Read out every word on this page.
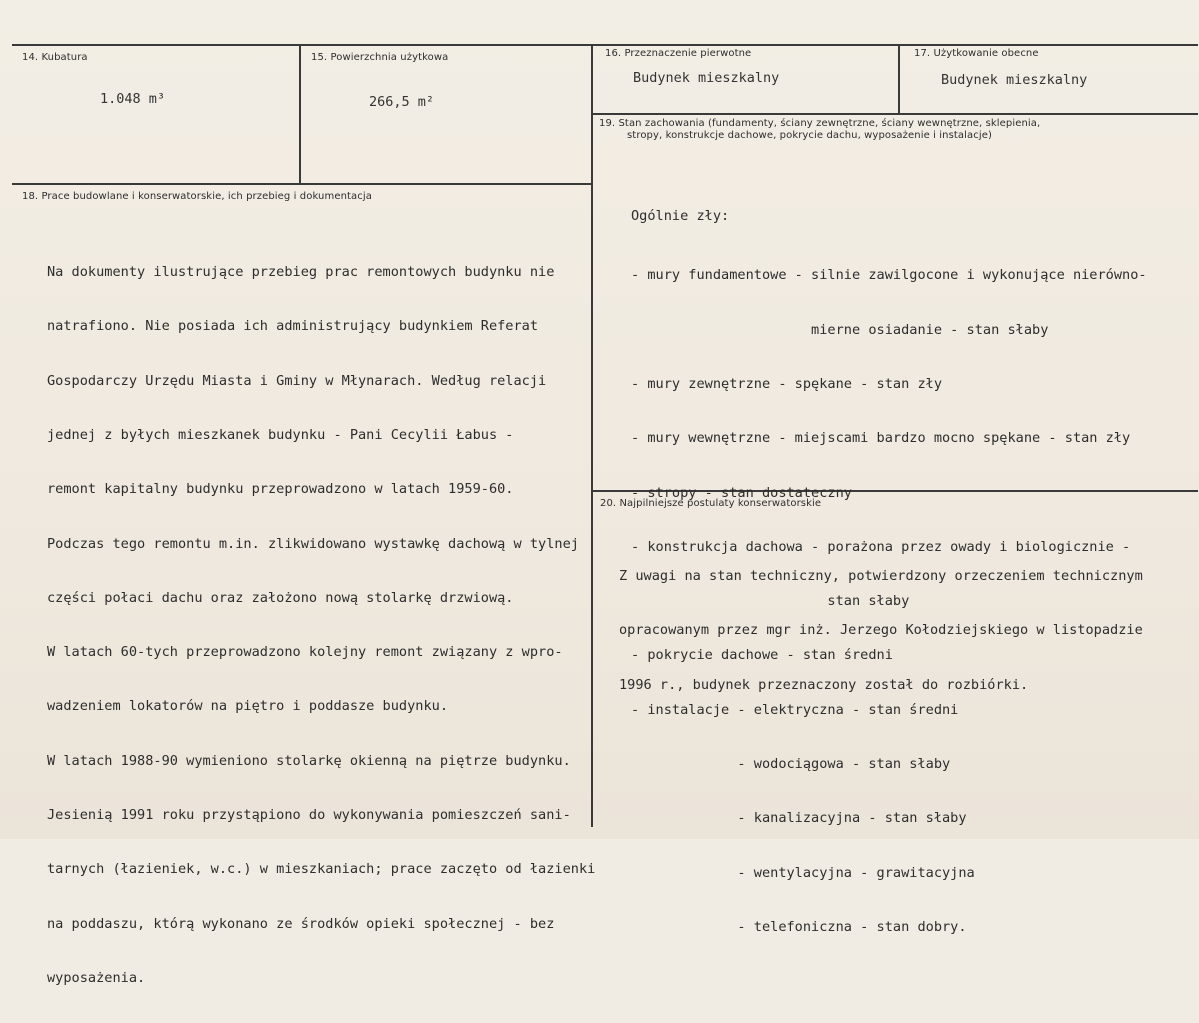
14. Kubatura
1.048 m³
15. Powierzchnia użytkowa
266,5 m²
16. Przeznaczenie pierwotne
Budynek mieszkalny
17. Użytkowanie obecne
Budynek mieszkalny
18. Prace budowlane i konserwatorskie, ich przebieg i dokumentacja

Na dokumenty ilustrujące przebieg prac remontowych budynku nie

natrafiono. Nie posiada ich administrujący budynkiem Referat

Gospodarczy Urzędu Miasta i Gminy w Młynarach. Według relacji

jednej z byłych mieszkanek budynku - Pani Cecylii Łabus -

remont kapitalny budynku przeprowadzono w latach 1959-60.

Podczas tego remontu m.in. zlikwidowano wystawkę dachową w tylnej

części połaci dachu oraz założono nową stolarkę drzwiową.

W latach 60-tych przeprowadzono kolejny remont związany z wpro-

wadzeniem lokatorów na piętro i poddasze budynku.

W latach 1988-90 wymieniono stolarkę okienną na piętrze budynku.

Jesienią 1991 roku przystąpiono do wykonywania pomieszczeń sani-

tarnych (łazieniek, w.c.) w mieszkaniach; prace zaczęto od łazienki

na poddaszu, którą wykonano ze środków opieki społecznej - bez

wyposażenia.

19. Stan zachowania (fundamenty, ściany zewnętrzne, ściany wewnętrzne, sklepienia,
stropy, konstrukcje dachowe, pokrycie dachu, wyposażenie i instalacje)

Ogólnie zły:

- mury fundamentowe - silnie zawilgocone i wykonujące nierówno-

mierne osiadanie - stan słaby

- mury zewnętrzne - spękane - stan zły

- mury wewnętrzne - miejscami bardzo mocno spękane - stan zły

- stropy - stan dostateczny

- konstrukcja dachowa - porażona przez owady i biologicznie -

stan słaby

- pokrycie dachowe - stan średni

- instalacje - elektryczna - stan średni

- wodociągowa - stan słaby

- kanalizacyjna - stan słaby

- wentylacyjna - grawitacyjna

- telefoniczna - stan dobry.

20. Najpilniejsze postulaty konserwatorskie

Z uwagi na stan techniczny, potwierdzony orzeczeniem technicznym

opracowanym przez mgr inż. Jerzego Kołodziejskiego w listopadzie

1996 r., budynek przeznaczony został do rozbiórki.
